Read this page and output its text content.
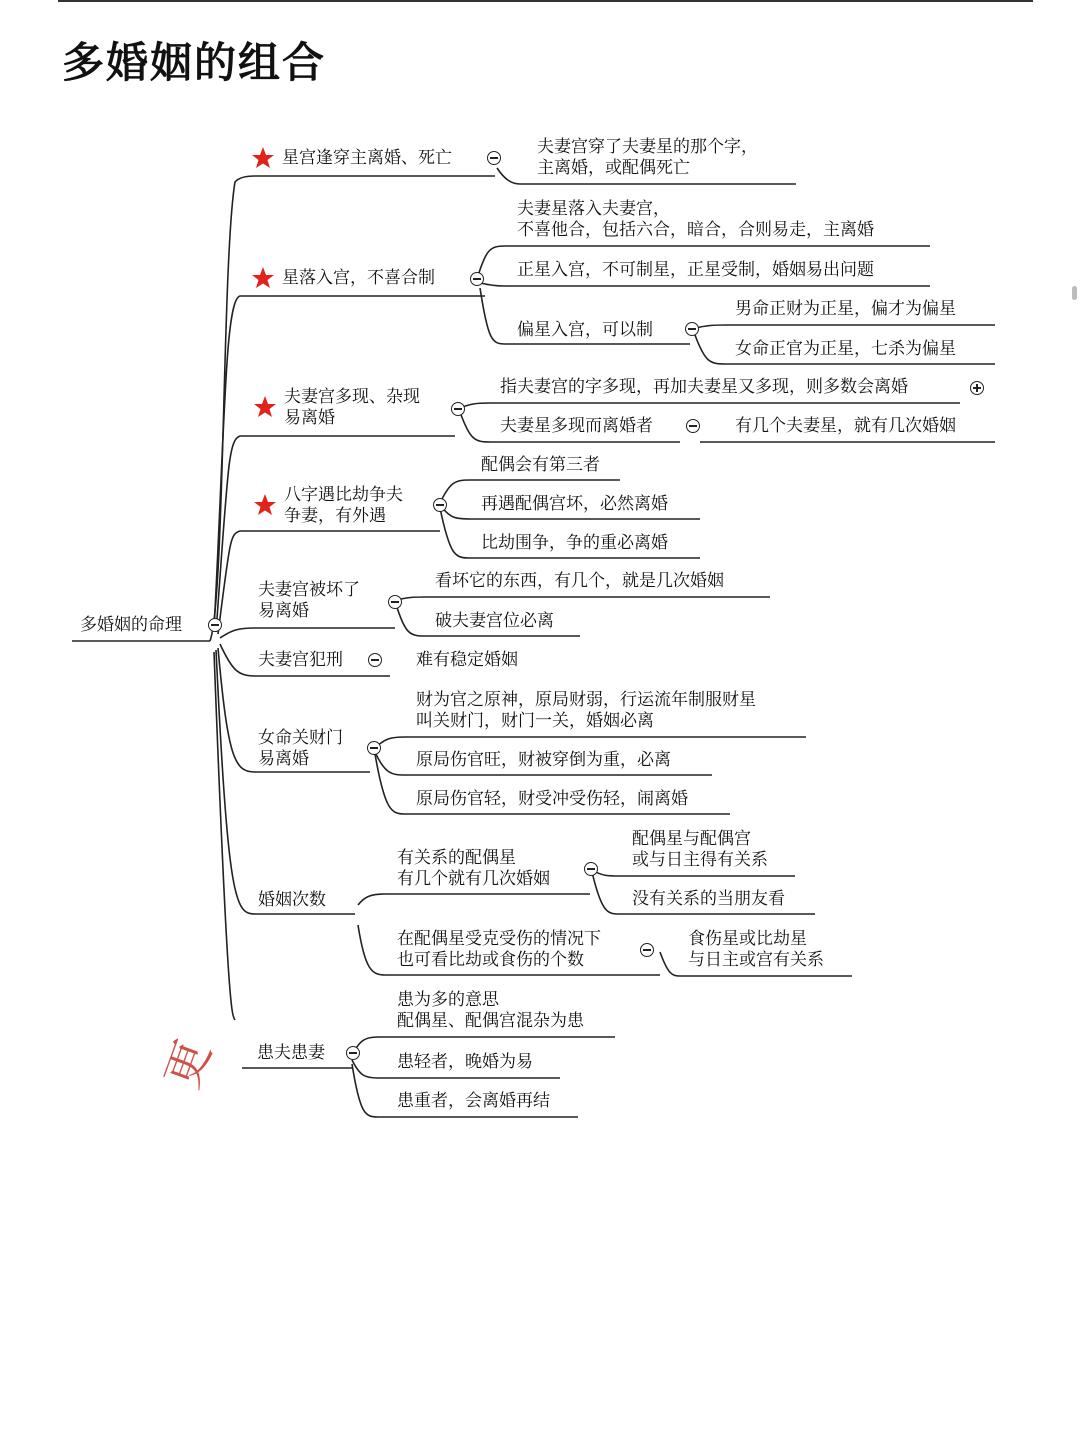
多婚姻的组合
多婚姻的命理
星宫逢穿主离婚、死亡
夫妻宫穿了夫妻星的那个字，
主离婚，或配偶死亡
星落入宫，不喜合制
夫妻星落入夫妻宫，
不喜他合，包括六合，暗合，合则易走，主离婚
正星入宫，不可制星，正星受制，婚姻易出问题
偏星入宫，可以制
男命正财为正星，偏才为偏星
女命正官为正星，七杀为偏星
夫妻宫多现、杂现
易离婚
指夫妻宫的字多现，再加夫妻星又多现，则多数会离婚
夫妻星多现而离婚者	有几个夫妻星，就有几次婚姻
八字遇比劫争夫
争妻，有外遇
配偶会有第三者
再遇配偶宫坏，必然离婚
比劫围争，争的重必离婚
夫妻宫被坏了
易离婚
看坏它的东西，有几个，就是几次婚姻
破夫妻宫位必离
夫妻宫犯刑	难有稳定婚姻
女命关财门
易离婚
财为官之原神，原局财弱，行运流年制服财星
叫关财门，财门一关，婚姻必离
原局伤官旺，财被穿倒为重，必离
原局伤官轻，财受冲受伤轻，闹离婚
婚姻次数
有关系的配偶星
有几个就有几次婚姻
配偶星与配偶宫
或与日主得有关系
没有关系的当朋友看
在配偶星受克受伤的情况下
也可看比劫或食伤的个数
食伤星或比劫星
与日主或宫有关系
患夫患妻
患为多的意思
配偶星、配偶宫混杂为患
患轻者，晚婚为易
患重者，会离婚再结
更
